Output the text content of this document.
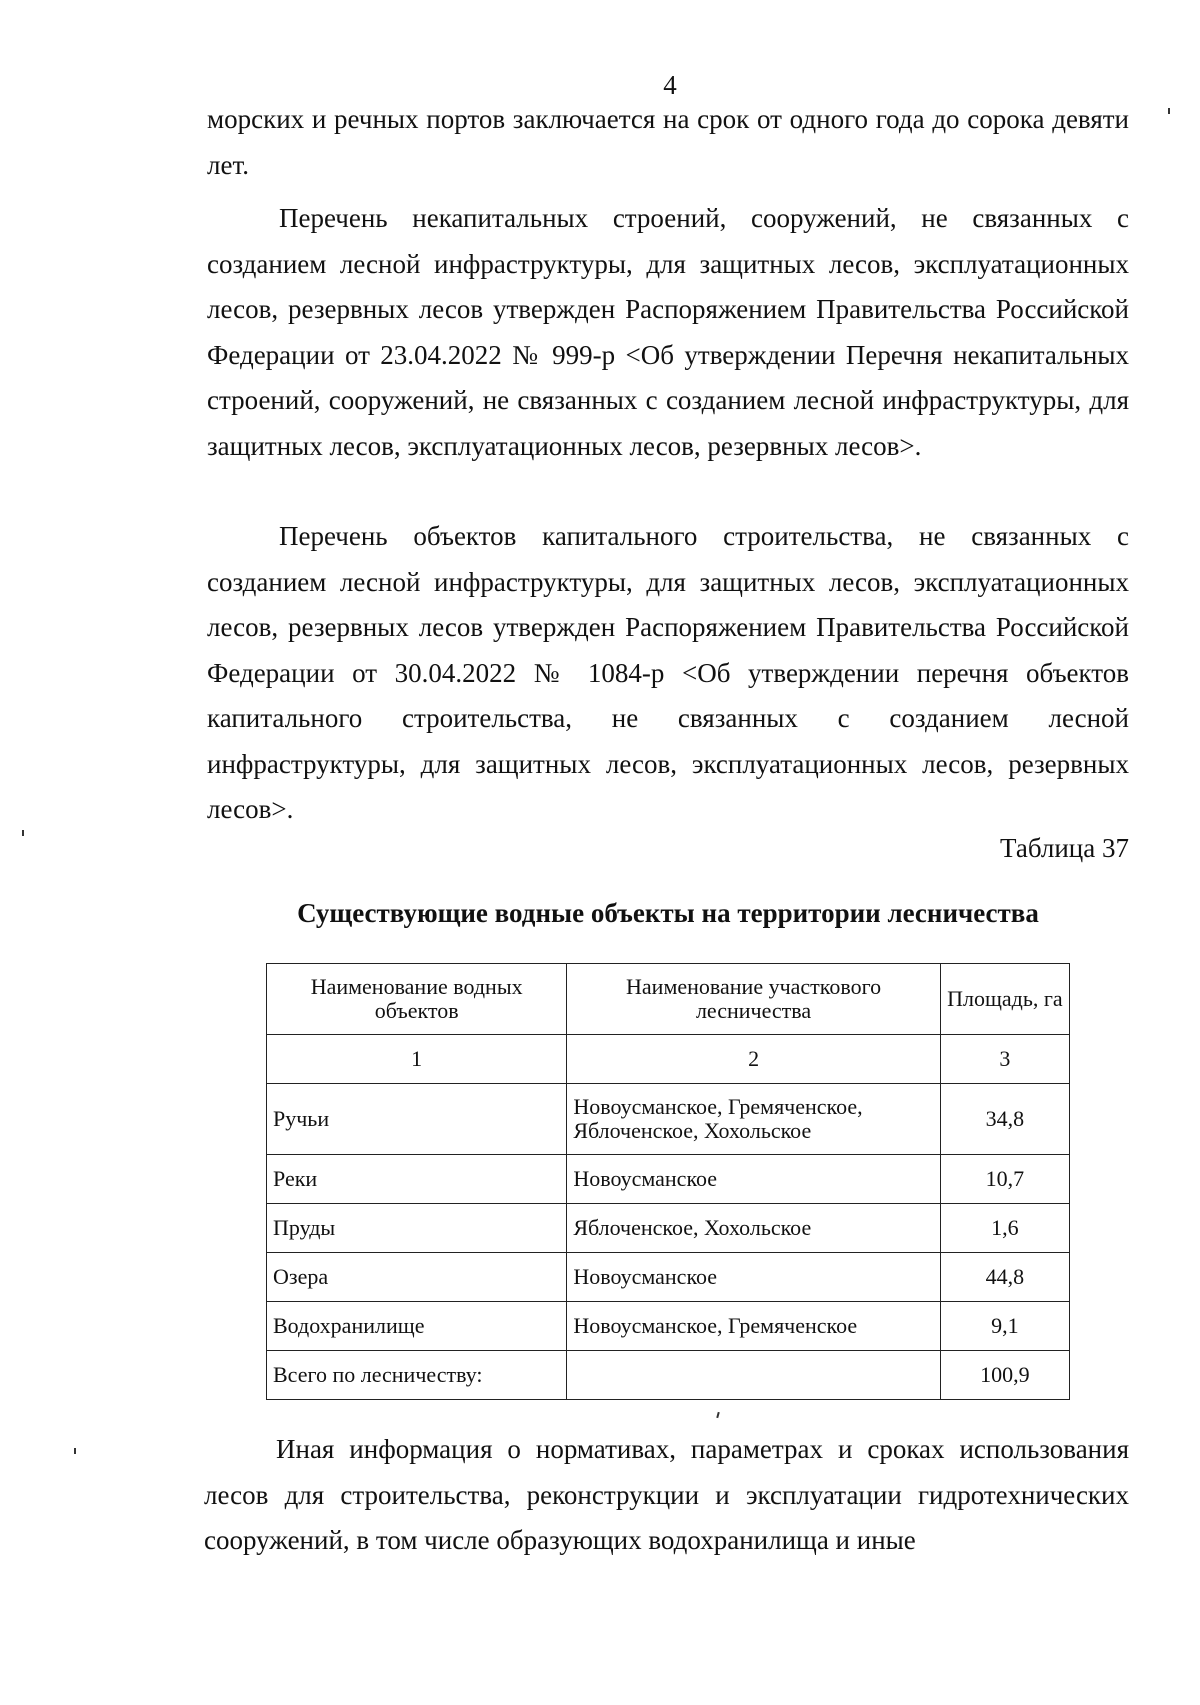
4
морских и речных портов заключается на срок от одного года до сорока девяти лет.
Перечень некапитальных строений, сооружений, не связанных с созданием лесной инфраструктуры, для защитных лесов, эксплуатационных лесов, резервных лесов утвержден Распоряжением Правительства Российской Федерации от 23.04.2022 № 999-р <Об утверждении Перечня некапитальных строений, сооружений, не связанных с созданием лесной инфраструктуры, для защитных лесов, эксплуатационных лесов, резервных лесов>.
Перечень объектов капитального строительства, не связанных с созданием лесной инфраструктуры, для защитных лесов, эксплуатационных лесов, резервных лесов утвержден Распоряжением Правительства Российской Федерации от 30.04.2022 № 1084-р <Об утверждении перечня объектов капитального строительства, не связанных с созданием лесной инфраструктуры, для защитных лесов, эксплуатационных лесов, резервных лесов>.
Таблица 37
Существующие водные объекты на территории лесничества
Наименование водных объектов	Наименование участкового лесничества	Площадь, га
1	2	3
Ручьи	Новоусманское, Гремяченское, Яблоченское, Хохольское	34,8
Реки	Новоусманское	10,7
Пруды	Яблоченское, Хохольское	1,6
Озера	Новоусманское	44,8
Водохранилище	Новоусманское, Гремяченское	9,1
Всего по лесничеству:		100,9
Иная информация о нормативах, параметрах и сроках использования лесов для строительства, реконструкции и эксплуатации гидротехнических сооружений, в том числе образующих водохранилища и иные
